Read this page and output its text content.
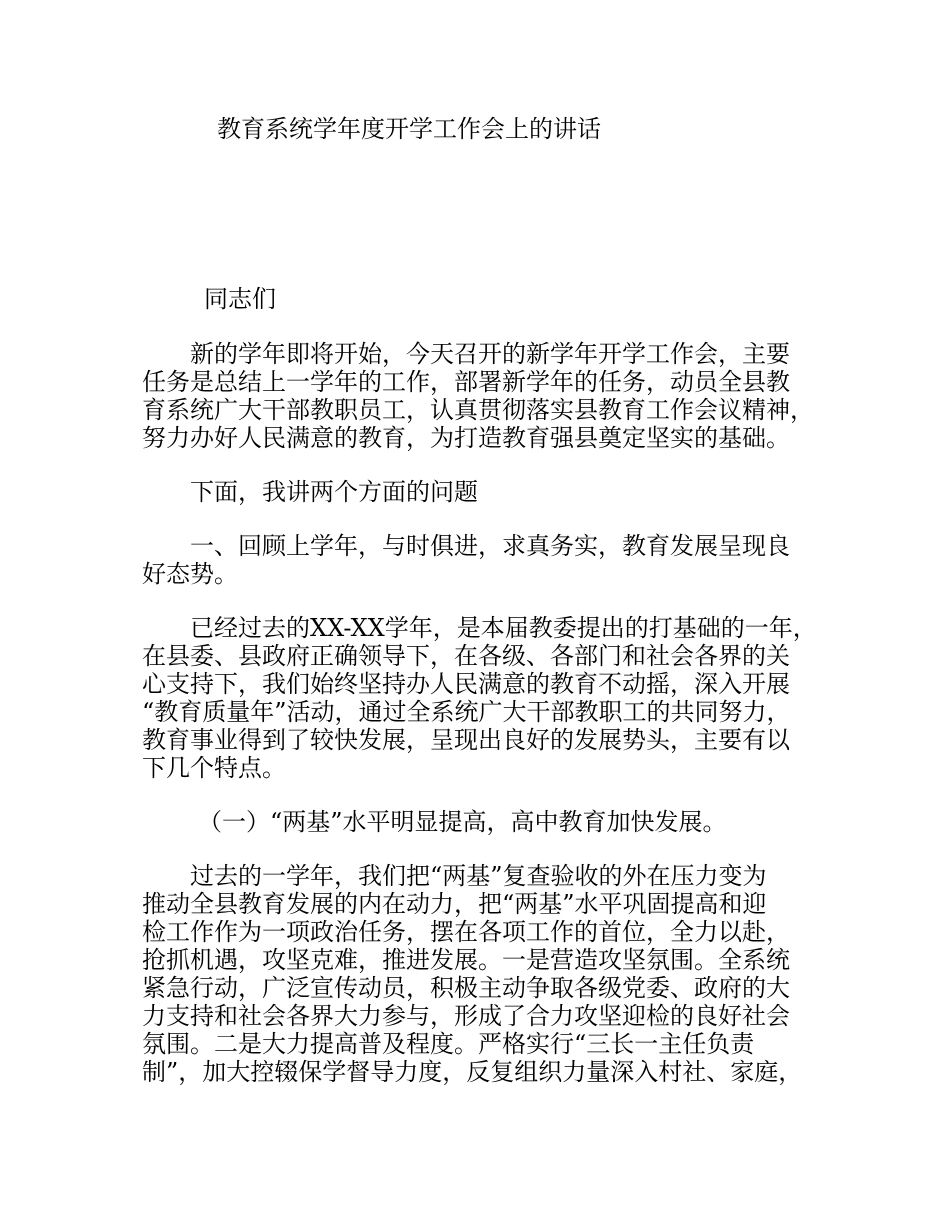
教育系统学年度开学工作会上的讲话
同志们

新的学年即将开始，今天召开的新学年开学工作会，主要
任务是总结上一学年的工作，部署新学年的任务，动员全县教
育系统广大干部教职员工，认真贯彻落实县教育工作会议精神，
努力办好人民满意的教育，为打造教育强县奠定坚实的基础。

下面，我讲两个方面的问题

一、回顾上学年，与时俱进，求真务实，教育发展呈现良
好态势。

已经过去的XX-XX学年，是本届教委提出的打基础的一年，
在县委、县政府正确领导下，在各级、各部门和社会各界的关
心支持下，我们始终坚持办人民满意的教育不动摇，深入开展
“教育质量年”活动，通过全系统广大干部教职工的共同努力，
教育事业得到了较快发展，呈现出良好的发展势头，主要有以
下几个特点。

（一）“两基”水平明显提高，高中教育加快发展。

过去的一学年，我们把“两基”复查验收的外在压力变为
推动全县教育发展的内在动力，把“两基”水平巩固提高和迎
检工作作为一项政治任务，摆在各项工作的首位，全力以赴，
抢抓机遇，攻坚克难，推进发展。一是营造攻坚氛围。全系统
紧急行动，广泛宣传动员，积极主动争取各级党委、政府的大
力支持和社会各界大力参与，形成了合力攻坚迎检的良好社会
氛围。二是大力提高普及程度。严格实行“三长一主任负责
制”，加大控辍保学督导力度，反复组织力量深入村社、家庭，
